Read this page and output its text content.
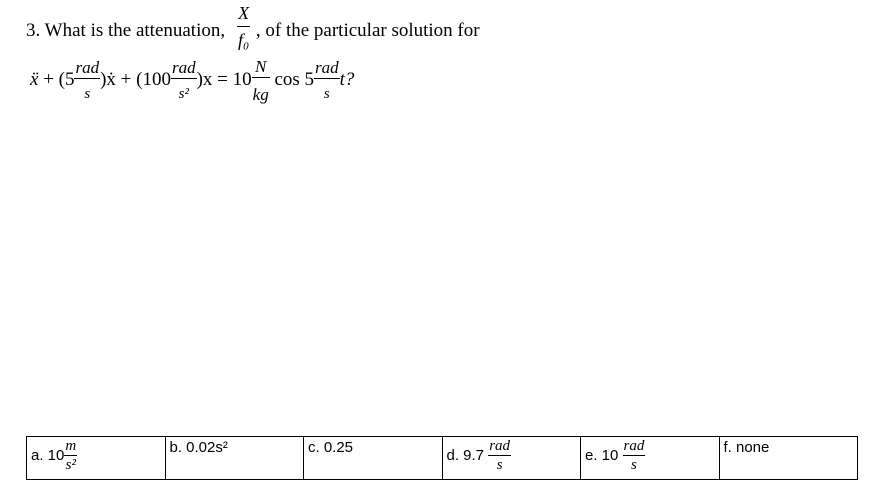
3. What is the attenuation, , of the particular solution for
$\frac{X}{\text{f₀}}$
ẍ + ($5 \frac{\text{rad}}{s}$ )ẋ + $(100 \frac{\text{rad}}{\text{s²}} )x = 10 \frac{N}{kg}$ $\cos 5 \frac{\text{rad}}{s} t$?
a. $10 \frac{m}{\text{s²}}$	b. 0.02s²	c. 0.25	d. $9.7 \frac{\text{rad}}{s}$	e. $10 \frac{\text{rad}}{s}$	f. none
